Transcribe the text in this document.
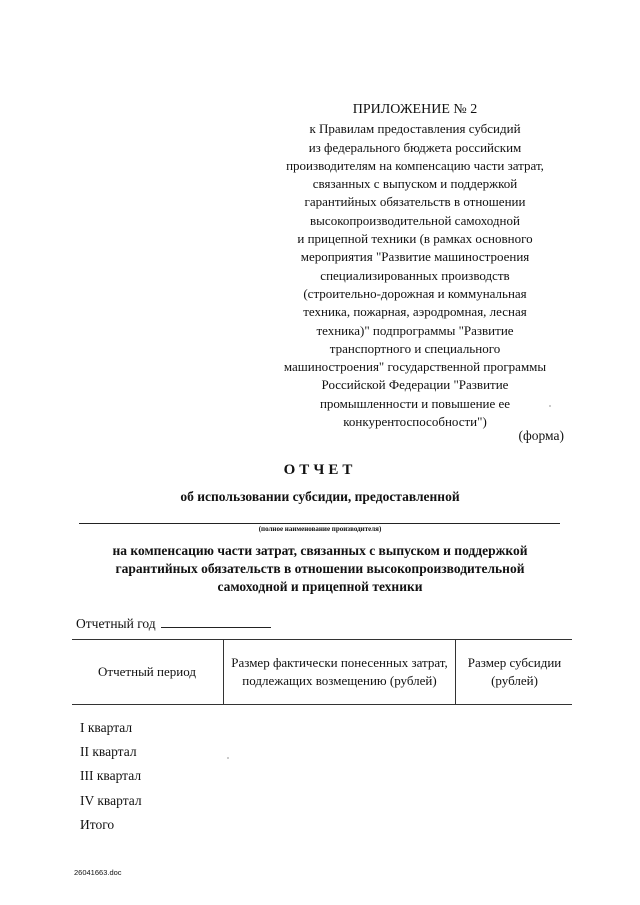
ПРИЛОЖЕНИЕ № 2
к Правилам предоставления субсидий
из федерального бюджета российским
производителям на компенсацию части затрат,
связанных с выпуском и поддержкой
гарантийных обязательств в отношении
высокопроизводительной самоходной
и прицепной техники (в рамках основного
мероприятия "Развитие машиностроения
специализированных производств
(строительно-дорожная и коммунальная
техника, пожарная, аэродромная, лесная
техника)" подпрограммы "Развитие
транспортного и специального
машиностроения" государственной программы
Российской Федерации "Развитие
промышленности и повышение ее
конкурентоспособности")
(форма)
ОТЧЕТ
об использовании субсидии, предоставленной
(полное наименование производителя)
на компенсацию части затрат, связанных с выпуском и поддержкой
гарантийных обязательств в отношении высокопроизводительной
самоходной и прицепной техники
Отчетный год
Отчетный период
Размер фактически понесенных затрат, подлежащих возмещению (рублей)
Размер субсидии (рублей)
I квартал
II квартал
III квартал
IV квартал
Итого
26041663.doc
